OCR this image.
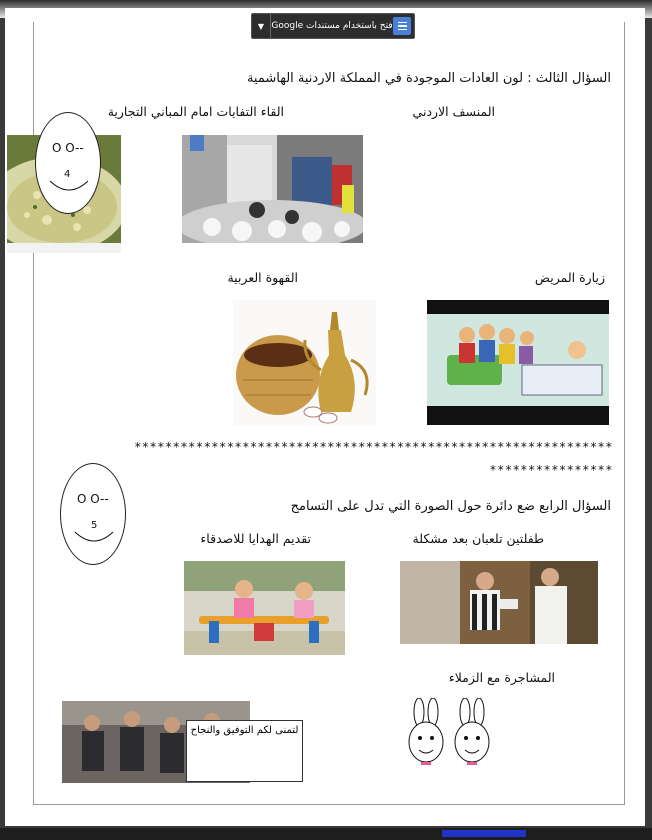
▼ فتح باستخدام مستندات Google
السؤال الثالث : لون العادات الموجودة في المملكة الاردنية الهاشمية
المنسف الاردني
القاء التفايات امام المباني التجارية
O O--
4
زيارة المريض
القهوة العربية
**************************************************************
****************
O O--
5
السؤال الرابع ضع دائرة حول الصورة التي تدل على التسامح
طفلتين تلعبان بعد مشكلة
تقديم الهدايا للاصدقاء
المشاجرة مع الزملاء
لتمنى لكم التوفيق والنجاح
